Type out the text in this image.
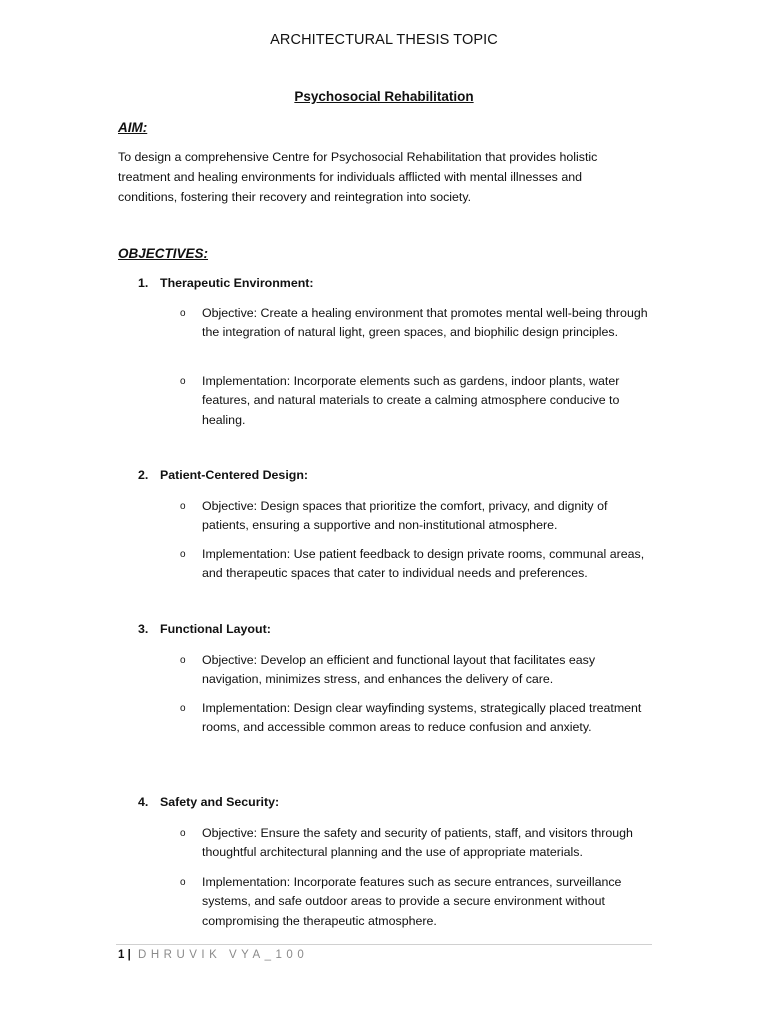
ARCHITECTURAL THESIS TOPIC
Psychosocial Rehabilitation
AIM:
To design a comprehensive Centre for Psychosocial Rehabilitation that provides holistic treatment and healing environments for individuals afflicted with mental illnesses and conditions, fostering their recovery and reintegration into society.
OBJECTIVES:
1. Therapeutic Environment:
o Objective: Create a healing environment that promotes mental well-being through the integration of natural light, green spaces, and biophilic design principles.
o Implementation: Incorporate elements such as gardens, indoor plants, water features, and natural materials to create a calming atmosphere conducive to healing.
2. Patient-Centered Design:
o Objective: Design spaces that prioritize the comfort, privacy, and dignity of patients, ensuring a supportive and non-institutional atmosphere.
o Implementation: Use patient feedback to design private rooms, communal areas, and therapeutic spaces that cater to individual needs and preferences.
3. Functional Layout:
o Objective: Develop an efficient and functional layout that facilitates easy navigation, minimizes stress, and enhances the delivery of care.
o Implementation: Design clear wayfinding systems, strategically placed treatment rooms, and accessible common areas to reduce confusion and anxiety.
4. Safety and Security:
o Objective: Ensure the safety and security of patients, staff, and visitors through thoughtful architectural planning and the use of appropriate materials.
o Implementation: Incorporate features such as secure entrances, surveillance systems, and safe outdoor areas to provide a secure environment without compromising the therapeutic atmosphere.
1 | DHRUVIK VYA_100
